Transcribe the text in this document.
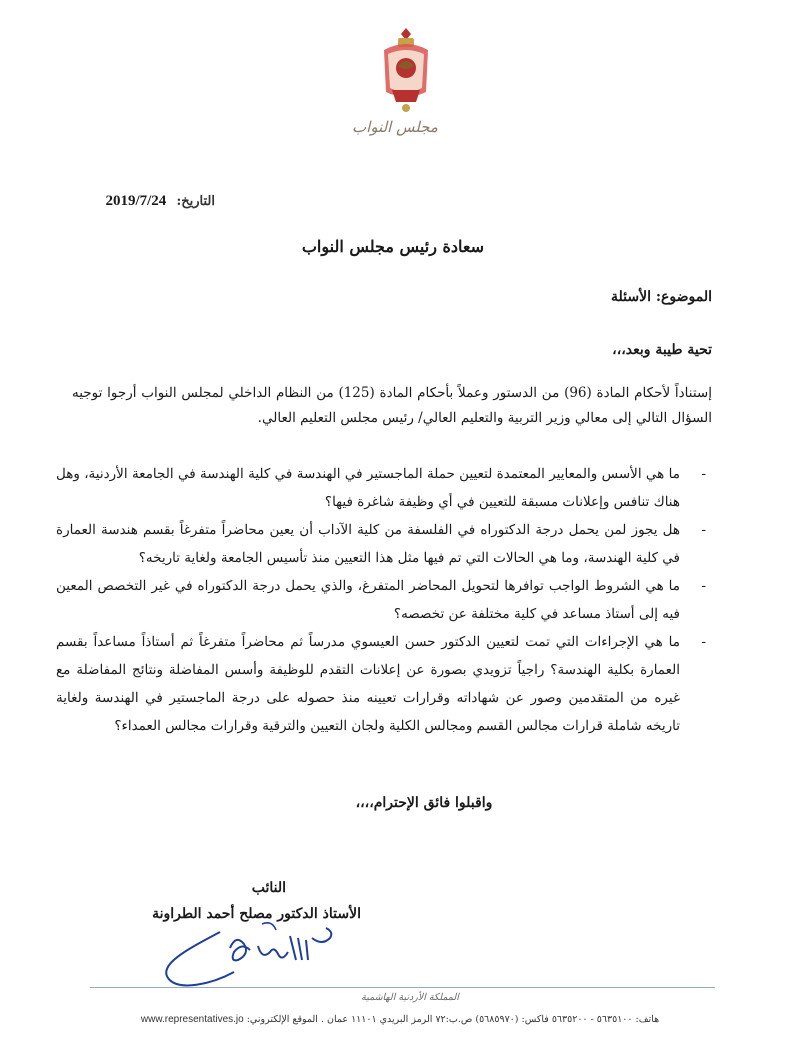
مجلس النواب
التاريخ: 2019/7/24
سعادة رئيس مجلس النواب
الموضوع: الأسئلة
تحية طيبة وبعد،،،
إستناداً لأحكام المادة (96) من الدستور وعملاً بأحكام المادة (125) من النظام الداخلي لمجلس النواب أرجوا توجيه السؤال التالي إلى معالي وزير التربية والتعليم العالي/ رئيس مجلس التعليم العالي.
-
ما هي الأسس والمعايير المعتمدة لتعيين حملة الماجستير في الهندسة في كلية الهندسة في الجامعة الأردنية، وهل هناك تنافس وإعلانات مسبقة للتعيين في أي وظيفة شاغرة فيها؟
-
هل يجوز لمن يحمل درجة الدكتوراه في الفلسفة من كلية الآداب أن يعين محاضراً متفرغاً بقسم هندسة العمارة في كلية الهندسة، وما هي الحالات التي تم فيها مثل هذا التعيين منذ تأسيس الجامعة ولغاية تاريخه؟
-
ما هي الشروط الواجب توافرها لتحويل المحاضر المتفرغ، والذي يحمل درجة الدكتوراه في غير التخصص المعين فيه إلى أستاذ مساعد في كلية مختلفة عن تخصصه؟
-
ما هي الإجراءات التي تمت لتعيين الدكتور حسن العيسوي مدرساً ثم محاضراً متفرغاً ثم أستاذاً مساعداً بقسم العمارة بكلية الهندسة؟ راجياً تزويدي بصورة عن إعلانات التقدم للوظيفة وأسس المفاضلة ونتائج المفاضلة مع غيره من المتقدمين وصور عن شهاداته وقرارات تعيينه منذ حصوله على درجة الماجستير في الهندسة ولغاية تاريخه شاملة قرارات مجالس القسم ومجالس الكلية ولجان التعيين والترقية وقرارات مجالس العمداء؟
واقبلوا فائق الإحترام،،،،
النائب
الأستاذ الدكتور مصلح أحمد الطراونة
المملكة الأردنية الهاشمية
www.representatives.jo هاتف: ٥٦٣٥١٠٠ - ٥٦٣٥٢٠٠ فاكس: (٥٦٨٥٩٧٠) ص.ب:٧٢ الرمز البريدي ١١١٠١ عمان . الموقع الإلكتروني:
